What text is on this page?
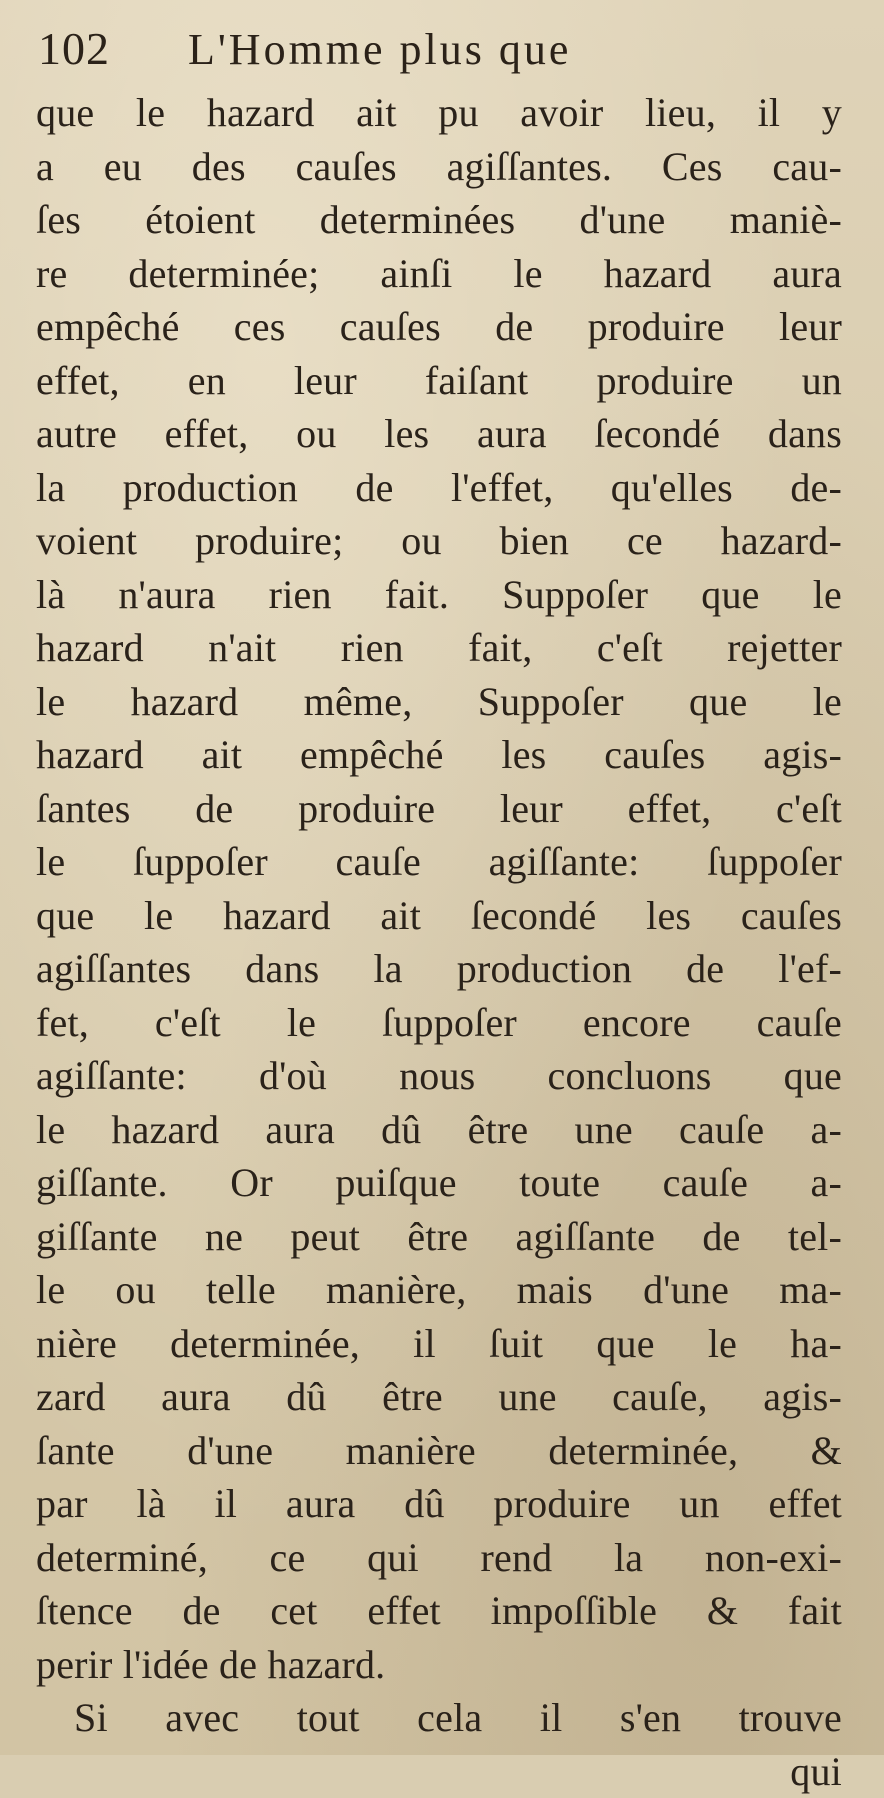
102	L'Homme plus que
que le hazard ait pu avoir lieu, il y
a eu des cauſes agiſſantes. Ces cau-
ſes étoient determinées d'une maniè-
re determinée; ainſi le hazard aura
empêché ces cauſes de produire leur
effet, en leur faiſant produire un
autre effet, ou les aura ſecondé dans
la production de l'effet, qu'elles de-
voient produire; ou bien ce hazard-
là n'aura rien fait. Suppoſer que le
hazard n'ait rien fait, c'eſt rejetter
le hazard même, Suppoſer que le
hazard ait empêché les cauſes agis-
ſantes de produire leur effet, c'eſt
le ſuppoſer cauſe agiſſante: ſuppoſer
que le hazard ait ſecondé les cauſes
agiſſantes dans la production de l'ef-
fet, c'eſt le ſuppoſer encore cauſe
agiſſante: d'où nous concluons que
le hazard aura dû être une cauſe a-
giſſante. Or puiſque toute cauſe a-
giſſante ne peut être agiſſante de tel-
le ou telle manière, mais d'une ma-
nière determinée, il ſuit que le ha-
zard aura dû être une cauſe, agis-
ſante d'une manière determinée, &
par là il aura dû produire un effet
determiné, ce qui rend la non-exi-
ſtence de cet effet impoſſible & fait
perir l'idée de hazard.
Si avec tout cela il s'en trouve
qui
